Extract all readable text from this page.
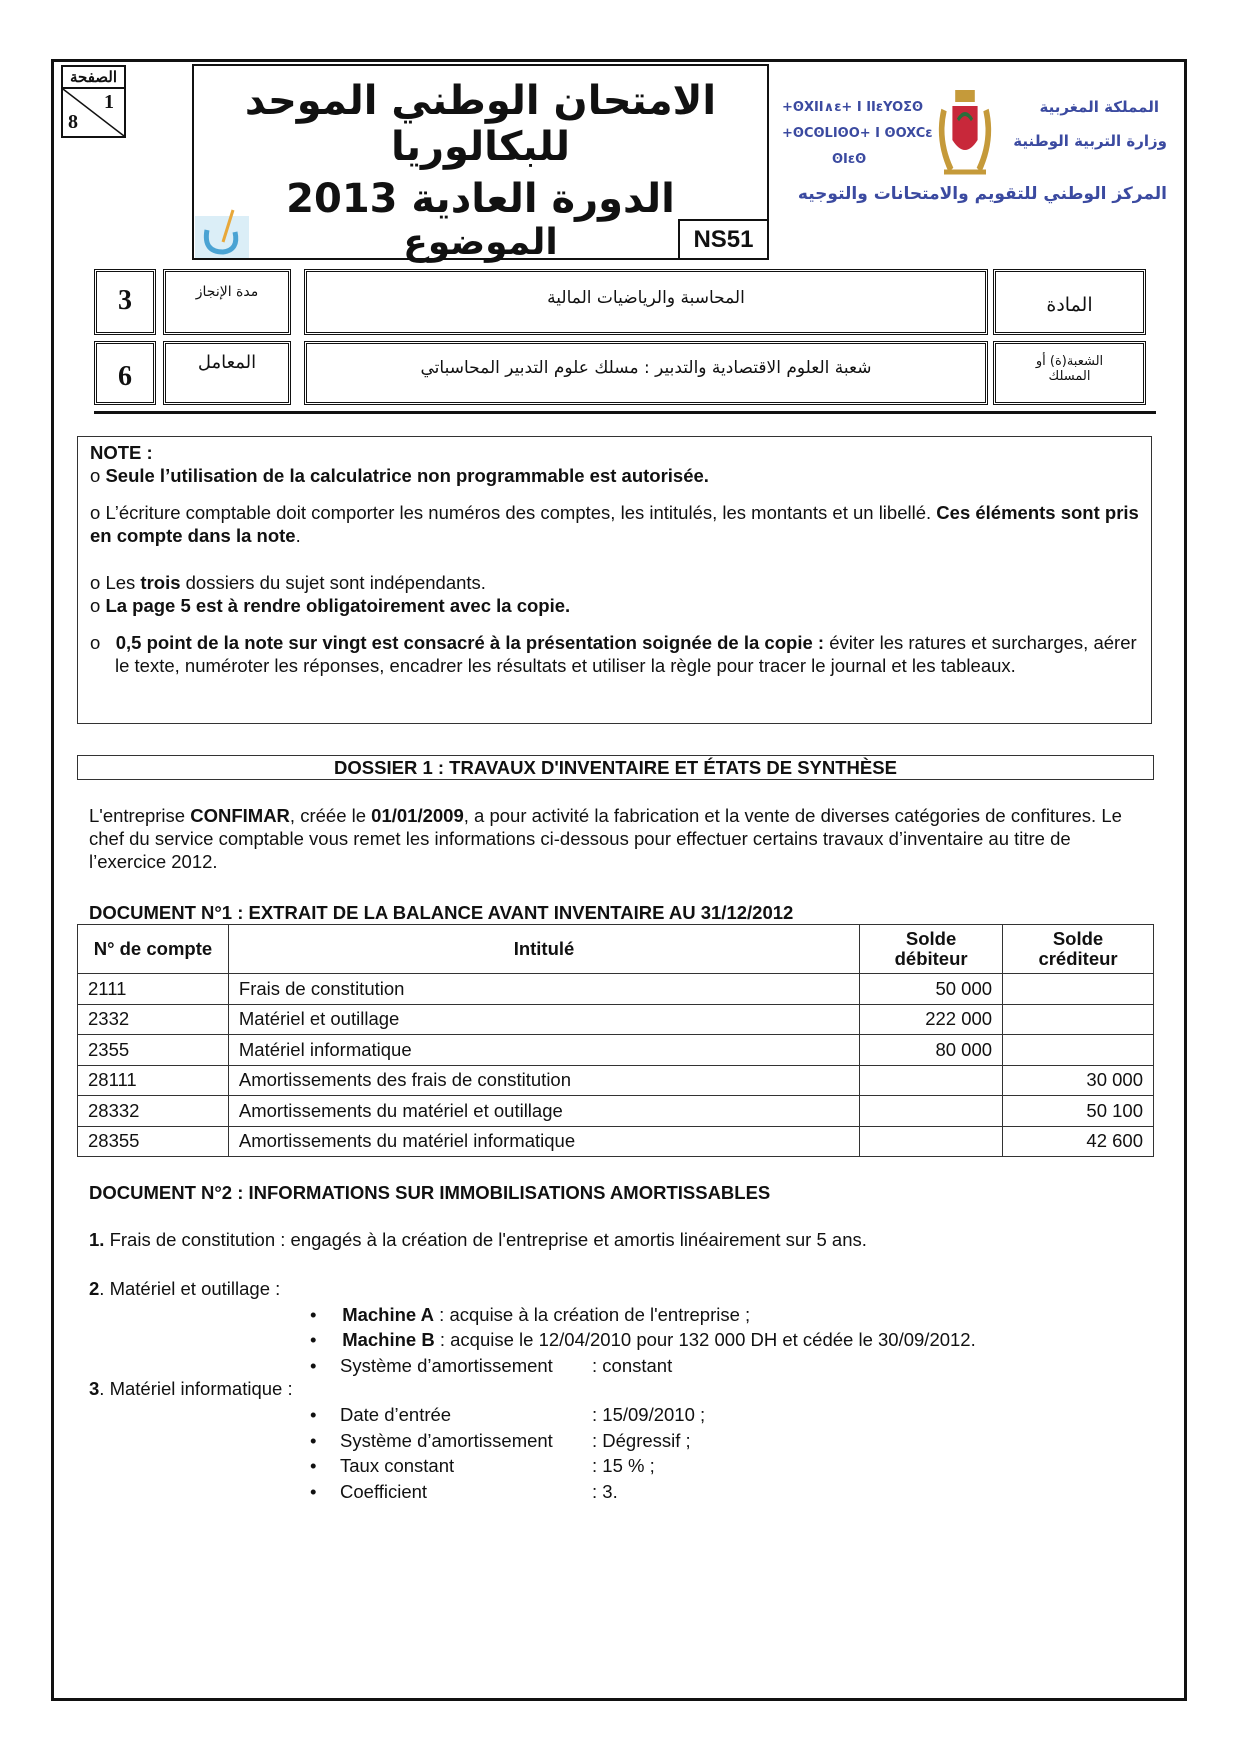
الصفحة
1
8	الامتحان الوطني الموحد للبكالوريا
الدورة العادية 2013
الموضوع	NS51
المملكة المغربية
وزارة التربية الوطنية
المركز الوطني للتقويم والامتحانات والتوجيه
+ʘXII∧ɛ+ I IIɛYOΣʘ
+ʘCʘLIʘO+ I ʘOXCɛ
ʘIɛʘ
3	مدة الإنجاز	المحاسبة والرياضيات المالية	المادة
6	المعامل	شعبة العلوم الاقتصادية والتدبير : مسلك علوم التدبير المحاسباتي	الشعبة(ة) أو المسلك

NOTE :

o Seule l’utilisation de la calculatrice non programmable est autorisée.

o L’écriture comptable doit comporter les numéros des comptes, les intitulés, les montants et un libellé. Ces éléments sont pris en compte dans la note.

o Les trois dossiers du sujet sont indépendants.

o La page 5 est à rendre obligatoirement avec la copie.

o 0,5 point de la note sur vingt est consacré à la présentation soignée de la copie : éviter les ratures et surcharges, aérer le texte, numéroter les réponses, encadrer les résultats et utiliser la règle pour tracer le journal et les tableaux.

DOSSIER 1 : TRAVAUX D'INVENTAIRE ET ÉTATS DE SYNTHÈSE
L'entreprise CONFIMAR, créée le 01/01/2009, a pour activité la fabrication et la vente de diverses catégories de confitures. Le chef du service comptable vous remet les informations ci-dessous pour effectuer certains travaux d’inventaire au titre de l’exercice 2012.
DOCUMENT N°1 : EXTRAIT DE LA BALANCE AVANT INVENTAIRE AU 31/12/2012
N° de compte	Intitulé	Solde débiteur	Solde créditeur
2111	Frais de constitution	50 000	
2332	Matériel et outillage	222 000	
2355	Matériel informatique	80 000	
28111	Amortissements des frais de constitution		30 000
28332	Amortissements du matériel et outillage		50 100
28355	Amortissements du matériel informatique		42 600
DOCUMENT N°2 : INFORMATIONS SUR IMMOBILISATIONS AMORTISSABLES
1. Frais de constitution : engagés à la création de l'entreprise et amortis linéairement sur 5 ans.
2. Matériel et outillage :
•     Machine A : acquise à la création de l'entreprise ;
•     Machine B : acquise le 12/04/2010 pour 132 000 DH et cédée le 30/09/2012.
• Système d’amortissement : constant
3. Matériel informatique :
• Date d’entrée	: 15/09/2010 ;
• Système d’amortissement : Dégressif ;
• Taux constant	: 15 % ;
• Coefficient	: 3.
